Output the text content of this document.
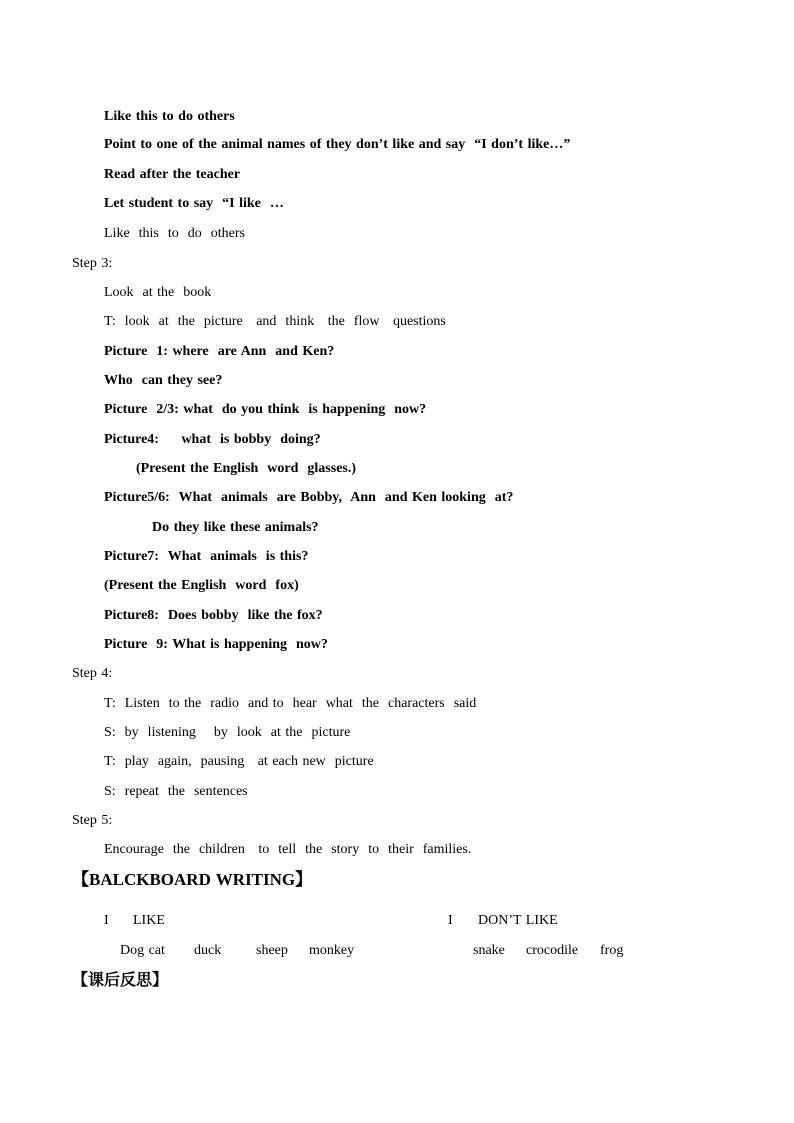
Like this to do others
Point to one of the animal names of they don’t like and say  “I don’t like…”
Read after the teacher
Let student to say  “I like  …
Like  this  to  do  others
Step 3:
Look  at the  book
T:  look  at  the  picture   and  think   the  flow   questions
Picture  1: where  are Ann  and Ken?
Who  can they see?
Picture  2/3: what  do you think  is happening  now?
Picture4:     what  is bobby  doing?
(Present the English  word  glasses.)
Picture5/6:  What  animals  are Bobby,  Ann  and Ken looking  at?
Do they like these animals?
Picture7:  What  animals  is this?
(Present the English  word  fox)
Picture8:  Does bobby  like the fox?
Picture  9: What is happening  now?
Step 4:
T:  Listen  to the  radio  and to  hear  what  the  characters  said
S:  by  listening    by  look  at the  picture
T:  play  again,  pausing   at each new  picture
S:  repeat  the  sentences
Step 5:
Encourage  the  children   to  tell  the  story  to  their  families.
【BALCKBOARD WRITING】
I LIKE	I DON’T LIKE
Dog cat duck sheep monkey	snake crocodile frog
【课后反思】
